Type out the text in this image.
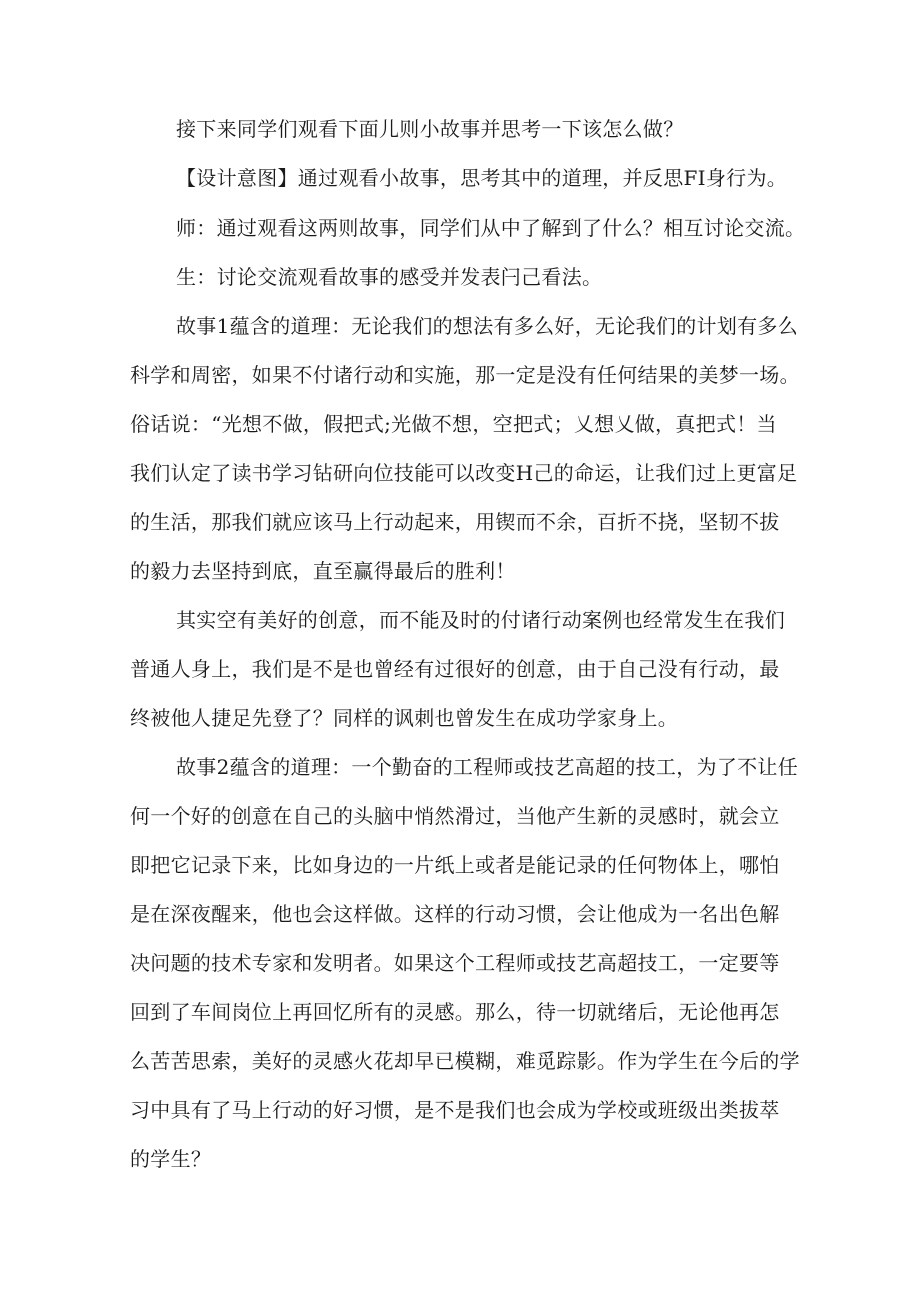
接下来同学们观看下面儿则小故事并思考一下该怎么做？
【设计意图】通过观看小故事，思考其中的道理，并反思FI身行为。
师：通过观看这两则故事，同学们从中了解到了什么？相互讨论交流。
生：讨论交流观看故事的感受并发表闩己看法。
故事1蕴含的道理：无论我们的想法有多么好，无论我们的计划有多么
科学和周密，如果不付诸行动和实施，那一定是没有任何结果的美梦一场。
俗话说：“光想不做，假把式;光做不想，空把式；乂想乂做，真把式！当
我们认定了读书学习钻研向位技能可以改变H己的命运，让我们过上更富足
的生活，那我们就应该马上行动起来，用锲而不余，百折不挠，坚韧不拔
的毅力去坚持到底，直至赢得最后的胜利！
其实空有美好的创意，而不能及时的付诸行动案例也经常发生在我们
普通人身上，我们是不是也曾经有过很好的创意，由于自己没有行动，最
终被他人捷足先登了？同样的讽刺也曾发生在成功学家身上。
故事2蕴含的道理：一个勤奋的工程师或技艺高超的技工，为了不让任
何一个好的创意在自己的头脑中悄然滑过，当他产生新的灵感时，就会立
即把它记录下来，比如身边的一片纸上或者是能记录的任何物体上，哪怕
是在深夜醒来，他也会这样做。这样的行动习惯，会让他成为一名出色解
决问题的技术专家和发明者。如果这个工程师或技艺高超技工，一定要等
回到了车间岗位上再回忆所有的灵感。那么，待一切就绪后，无论他再怎
么苦苦思索，美好的灵感火花却早已模糊，难觅踪影。作为学生在今后的学
习中具有了马上行动的好习惯，是不是我们也会成为学校或班级出类拔萃
的学生？
